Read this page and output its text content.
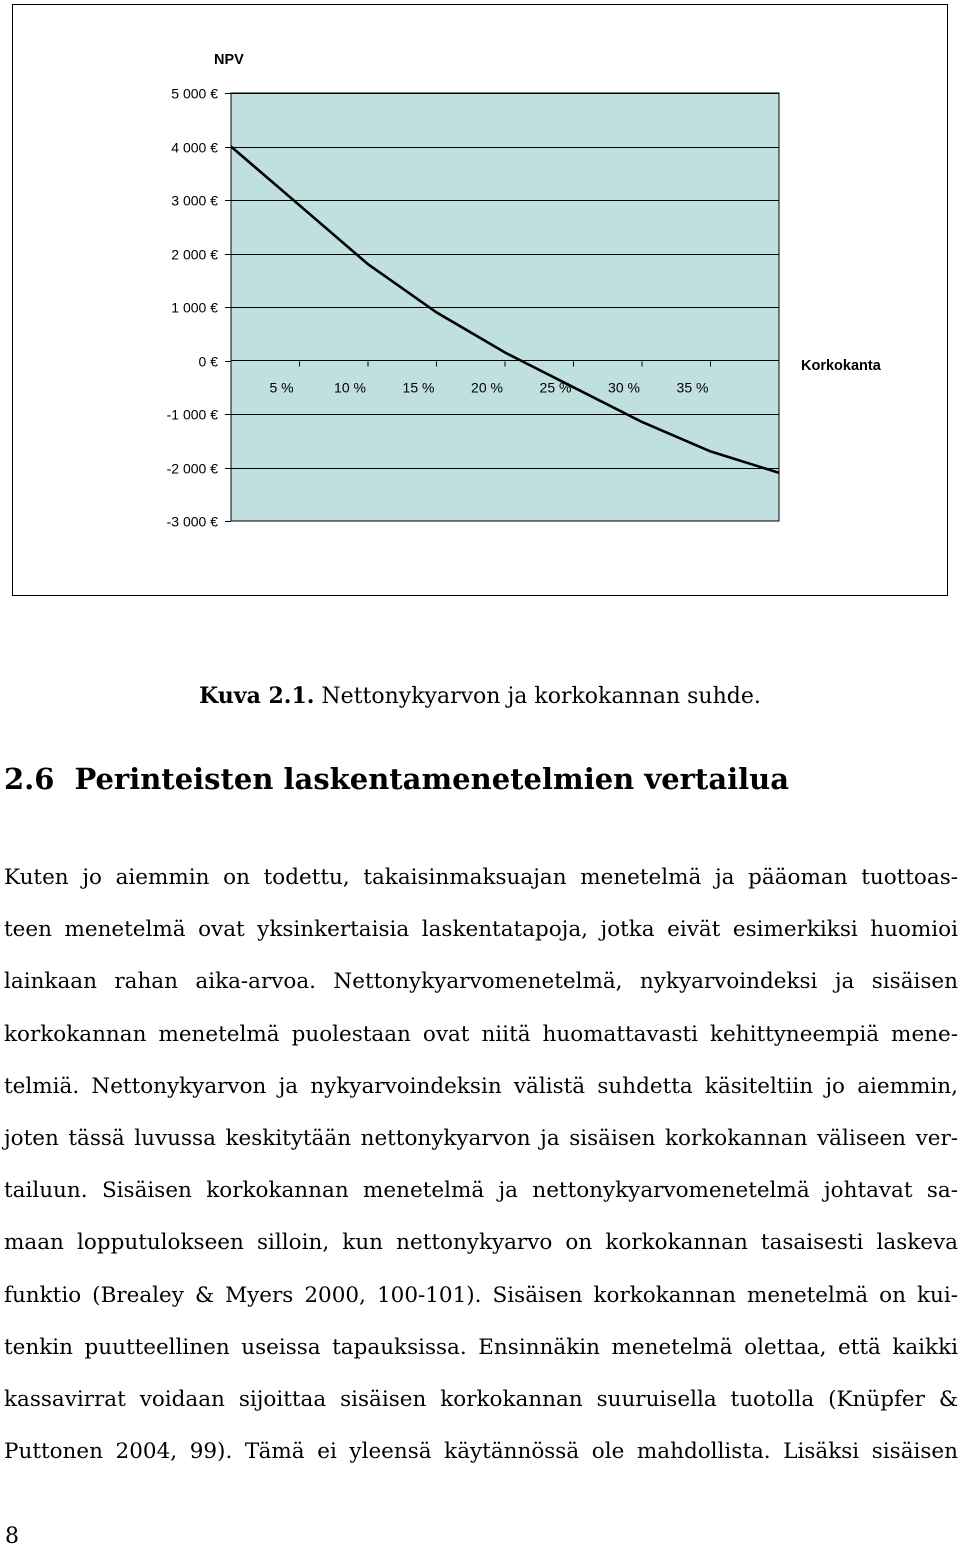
5 000 €
4 000 €
3 000 €
2 000 €
1 000 €
0 €
-1 000 €
-2 000 €
-3 000 €
5 %	10 %	15 %	20 %	25 %	30 %	35 %
NPV
Korkokanta
Kuva 2.1. Nettonykyarvon ja korkokannan suhde.
2.6 Perinteisten laskentamenetelmien vertailua
Kuten jo aiemmin on todettu, takaisinmaksuajan menetelmä ja pääoman tuottoas-
teen menetelmä ovat yksinkertaisia laskentatapoja, jotka eivät esimerkiksi huomioi
lainkaan rahan aika-arvoa. Nettonykyarvomenetelmä, nykyarvoindeksi ja sisäisen
korkokannan menetelmä puolestaan ovat niitä huomattavasti kehittyneempiä mene-
telmiä. Nettonykyarvon ja nykyarvoindeksin välistä suhdetta käsiteltiin jo aiemmin,
joten tässä luvussa keskitytään nettonykyarvon ja sisäisen korkokannan väliseen ver-
tailuun. Sisäisen korkokannan menetelmä ja nettonykyarvomenetelmä johtavat sa-
maan lopputulokseen silloin, kun nettonykyarvo on korkokannan tasaisesti laskeva
funktio (Brealey & Myers 2000, 100-101). Sisäisen korkokannan menetelmä on kui-
tenkin puutteellinen useissa tapauksissa. Ensinnäkin menetelmä olettaa, että kaikki
kassavirrat voidaan sijoittaa sisäisen korkokannan suuruisella tuotolla (Knüpfer &
Puttonen 2004, 99). Tämä ei yleensä käytännössä ole mahdollista. Lisäksi sisäisen
8
